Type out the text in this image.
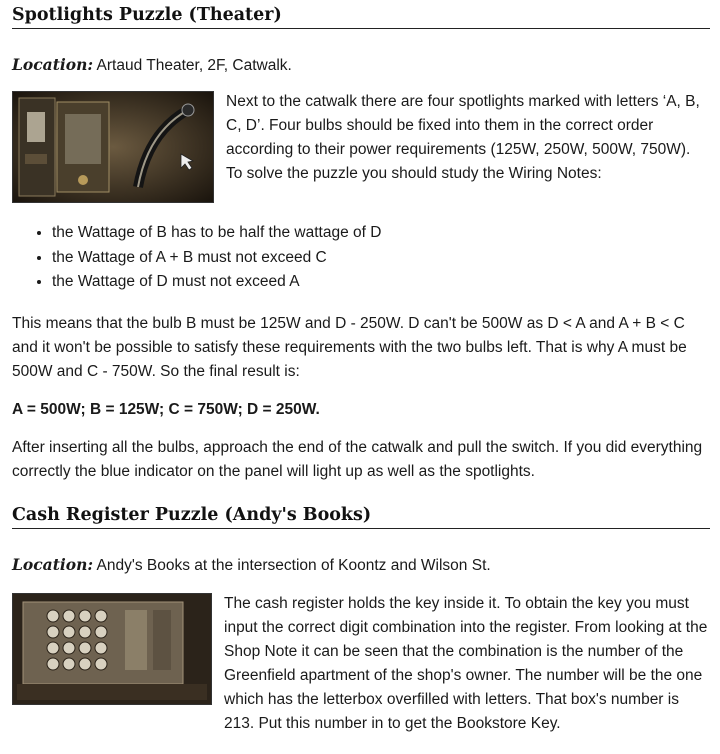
Spotlights Puzzle (Theater)
Location: Artaud Theater, 2F, Catwalk.

Next to the catwalk there are four spotlights marked with letters ‘A, B, C, D’. Four bulbs should be fixed into them in the correct order according to their power requirements (125W, 250W, 500W, 750W). To solve the puzzle you should study the Wiring Notes:

• the Wattage of B has to be half the wattage of D
• the Wattage of A + B must not exceed C
• the Wattage of D must not exceed A

This means that the bulb B must be 125W and D - 250W. D can't be 500W as D < A and A + B < C and it won't be possible to satisfy these requirements with the two bulbs left. That is why A must be 500W and C - 750W. So the final result is:

A = 500W; B = 125W; C = 750W; D = 250W.

After inserting all the bulbs, approach the end of the catwalk and pull the switch. If you did everything correctly the blue indicator on the panel will light up as well as the spotlights.

Cash Register Puzzle (Andy's Books)
Location: Andy's Books at the intersection of Koontz and Wilson St.

The cash register holds the key inside it. To obtain the key you must input the correct digit combination into the register. From looking at the Shop Note it can be seen that the combination is the number of the Greenfield apartment of the shop's owner. The number will be the one which has the letterbox overfilled with letters. That box's number is 213. Put this number in to get the Bookstore Key.
